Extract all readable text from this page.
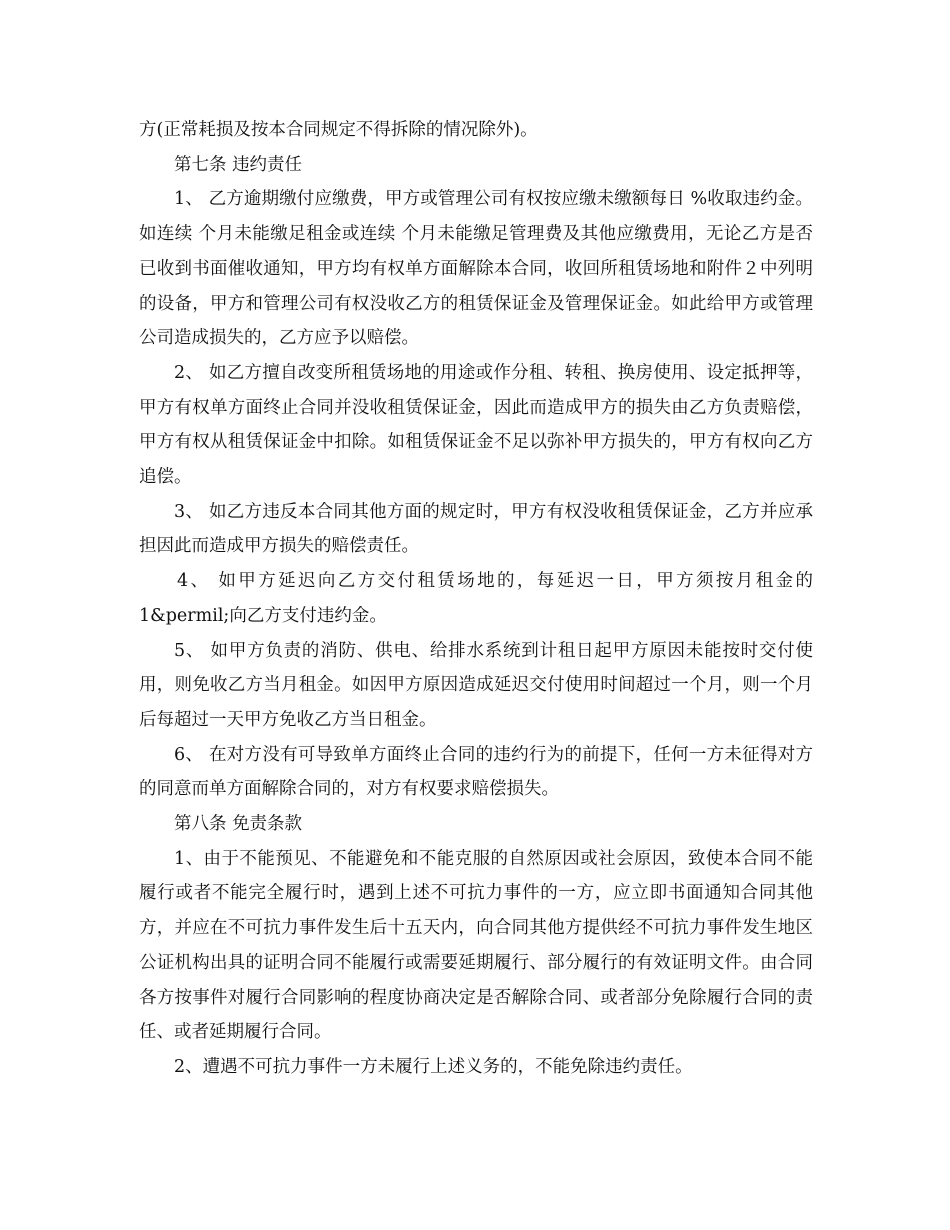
方(正常耗损及按本合同规定不得拆除的情况除外)。

第七条 违约责任

1、 乙方逾期缴付应缴费，甲方或管理公司有权按应缴未缴额每日 %收取违约金。如连续 个月未能缴足租金或连续 个月未能缴足管理费及其他应缴费用，无论乙方是否已收到书面催收通知，甲方均有权单方面解除本合同，收回所租赁场地和附件２中列明的设备，甲方和管理公司有权没收乙方的租赁保证金及管理保证金。如此给甲方或管理公司造成损失的，乙方应予以赔偿。

2、 如乙方擅自改变所租赁场地的用途或作分租、转租、换房使用、设定抵押等，甲方有权单方面终止合同并没收租赁保证金，因此而造成甲方的损失由乙方负责赔偿，甲方有权从租赁保证金中扣除。如租赁保证金不足以弥补甲方损失的，甲方有权向乙方追偿。

3、 如乙方违反本合同其他方面的规定时，甲方有权没收租赁保证金，乙方并应承担因此而造成甲方损失的赔偿责任。

4、 如甲方延迟向乙方交付租赁场地的，每延迟一日，甲方须按月租金的1&permil;向乙方支付违约金。

5、 如甲方负责的消防、供电、给排水系统到计租日起甲方原因未能按时交付使用，则免收乙方当月租金。如因甲方原因造成延迟交付使用时间超过一个月，则一个月后每超过一天甲方免收乙方当日租金。

6、 在对方没有可导致单方面终止合同的违约行为的前提下，任何一方未征得对方的同意而单方面解除合同的，对方有权要求赔偿损失。

第八条 免责条款

1、由于不能预见、不能避免和不能克服的自然原因或社会原因，致使本合同不能履行或者不能完全履行时，遇到上述不可抗力事件的一方，应立即书面通知合同其他方，并应在不可抗力事件发生后十五天内，向合同其他方提供经不可抗力事件发生地区公证机构出具的证明合同不能履行或需要延期履行、部分履行的有效证明文件。由合同各方按事件对履行合同影响的程度协商决定是否解除合同、或者部分免除履行合同的责任、或者延期履行合同。

2、遭遇不可抗力事件一方未履行上述义务的，不能免除违约责任。
